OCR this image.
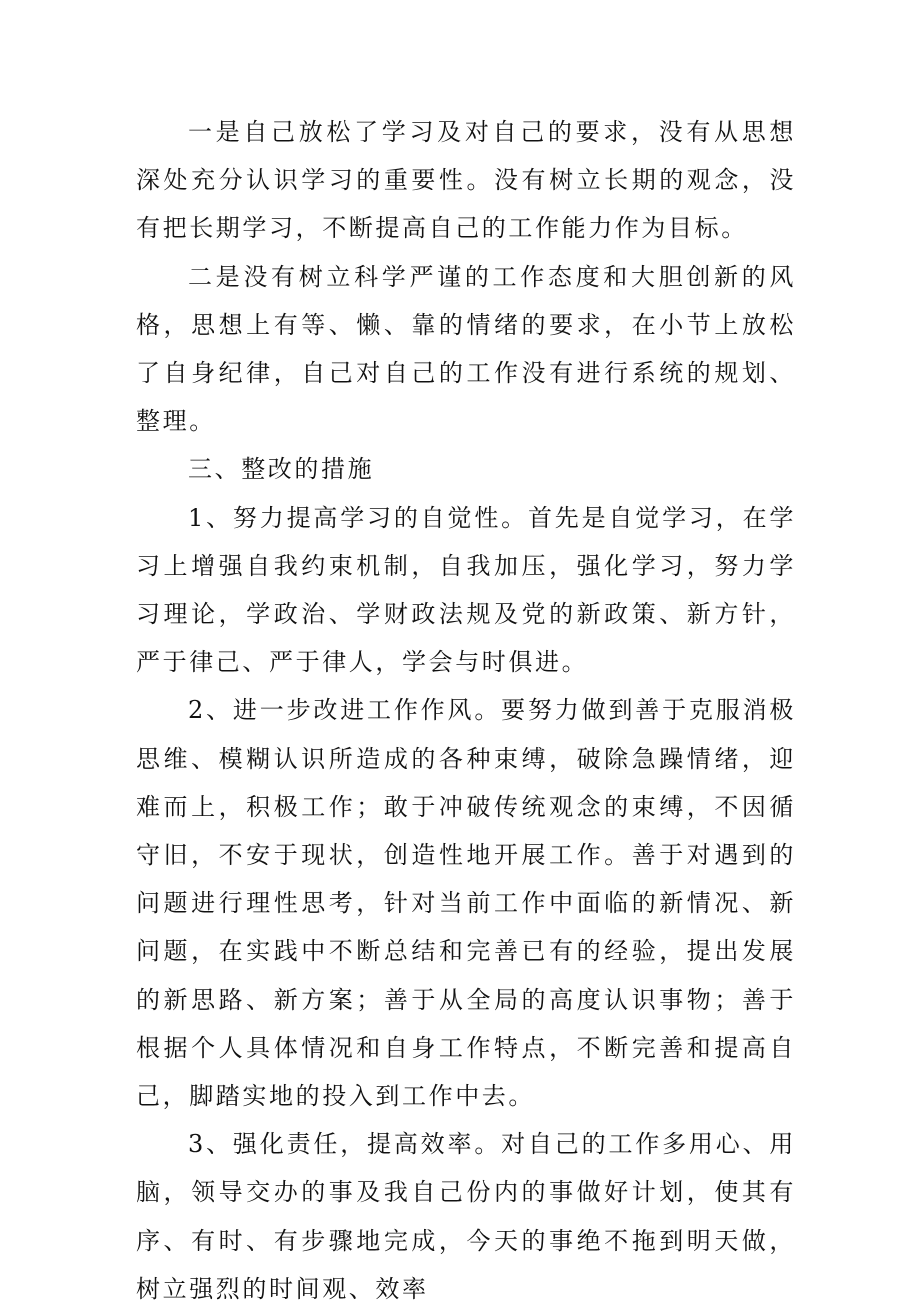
一是自己放松了学习及对自己的要求，没有从思想深处充分认识学习的重要性。没有树立长期的观念，没有把长期学习，不断提高自己的工作能力作为目标。

二是没有树立科学严谨的工作态度和大胆创新的风格，思想上有等、懒、靠的情绪的要求，在小节上放松了自身纪律，自己对自己的工作没有进行系统的规划、整理。

三、整改的措施

1、努力提高学习的自觉性。首先是自觉学习，在学习上增强自我约束机制，自我加压，强化学习，努力学习理论，学政治、学财政法规及党的新政策、新方针，严于律己、严于律人，学会与时俱进。

2、进一步改进工作作风。要努力做到善于克服消极思维、模糊认识所造成的各种束缚，破除急躁情绪，迎难而上，积极工作；敢于冲破传统观念的束缚，不因循守旧，不安于现状，创造性地开展工作。善于对遇到的问题进行理性思考，针对当前工作中面临的新情况、新问题，在实践中不断总结和完善已有的经验，提出发展的新思路、新方案；善于从全局的高度认识事物；善于根据个人具体情况和自身工作特点，不断完善和提高自己，脚踏实地的投入到工作中去。

3、强化责任，提高效率。对自己的工作多用心、用脑，领导交办的事及我自己份内的事做好计划，使其有序、有时、有步骤地完成，今天的事绝不拖到明天做，树立强烈的时间观、效率
